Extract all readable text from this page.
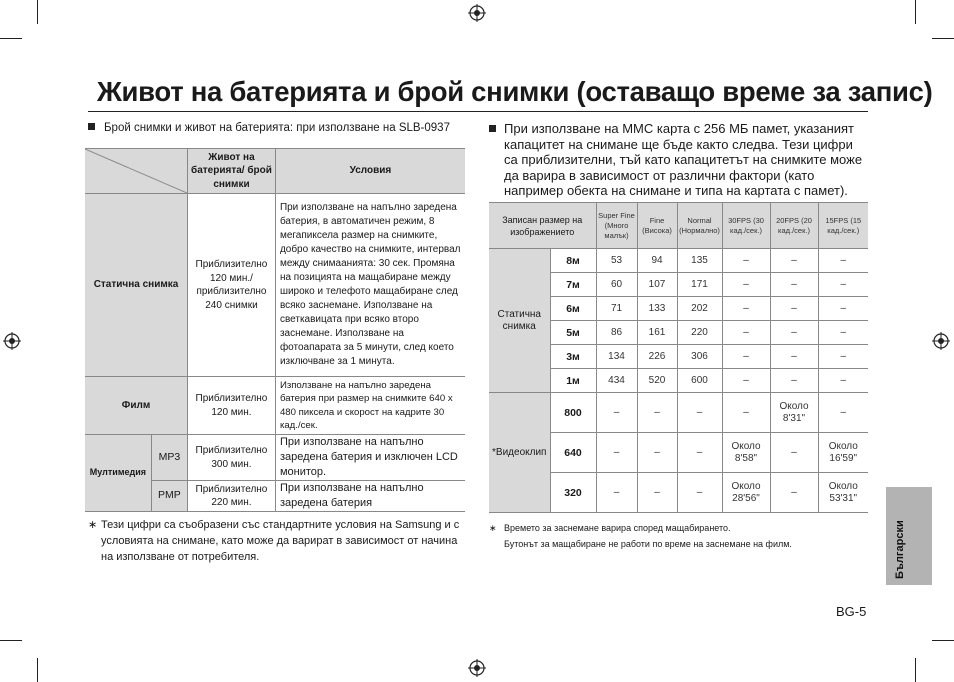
Живот на батерията и брой снимки (оставащо време за запис)
Брой снимки и живот на батерията: при използване на SLB-0937
	Живот на батерията/ брой снимки	Условия
Статична снимка		Приблизително 120 мин./ приблизително 240 снимки	При използване на напълно заредена батерия, в автоматичен режим, 8 мегапиксела размер на снимките, добро качество на снимките, интервал между снимаанията: 30 сек. Промяна на позицията на мащабиране между широко и телефото мащабиране след всяко заснемане. Използване на светкавицата при всяко второ заснемане. Използване на фотоапарата за 5 минути, след което изключване за 1 минута.
Филм		Приблизително 120 мин.	Използване на напълно заредена батерия при размер на снимките 640 x 480 пиксела и скорост на кадрите 30 кад./сек.
Мултимедия	MP3	Приблизително 300 мин.	При използване на напълно заредена батерия и изключен LCD монитор.
	PMP	Приблизително 220 мин.	При използване на напълно заредена батерия
∗ Тези цифри са съобразени със стандартните условия на Samsung и с условията на снимане, като може да варират в зависимост от начина на използване от потребителя.
При използване на MMC карта с 256 МБ памет, указаният капацитет на снимане ще бъде както следва. Тези цифри са приблизителни, тъй като капацитетът на снимките може да варира в зависимост от различни фактори (като например обекта на снимане и типа на картата с памет).
Записан размер на изображението		Super Fine (Много малък)	Fine (Висока)	Normal (Нормално)	30FPS (30 кад./сек.)	20FPS (20 кад./сек.)	15FPS (15 кад./сек.)
Статична снимка	8м	53	94	135	–	–	–
	7м	60	107	171	–	–	–
	6м	71	133	202	–	–	–
	5м	86	161	220	–	–	–
	3м	134	226	306	–	–	–
	1м	434	520	600	–	–	–
*Видеоклип	800	–	–	–	–	Около 8'31"	–
	640	–	–	–	Около 8'58"	–	Около 16'59"
	320	–	–	–	Около 28'56"	–	Около 53'31"
∗ Времето за заснемане варира според мащабирането.
Бутонът за мащабиране не работи по време на заснемане на филм.	Български
BG-5
